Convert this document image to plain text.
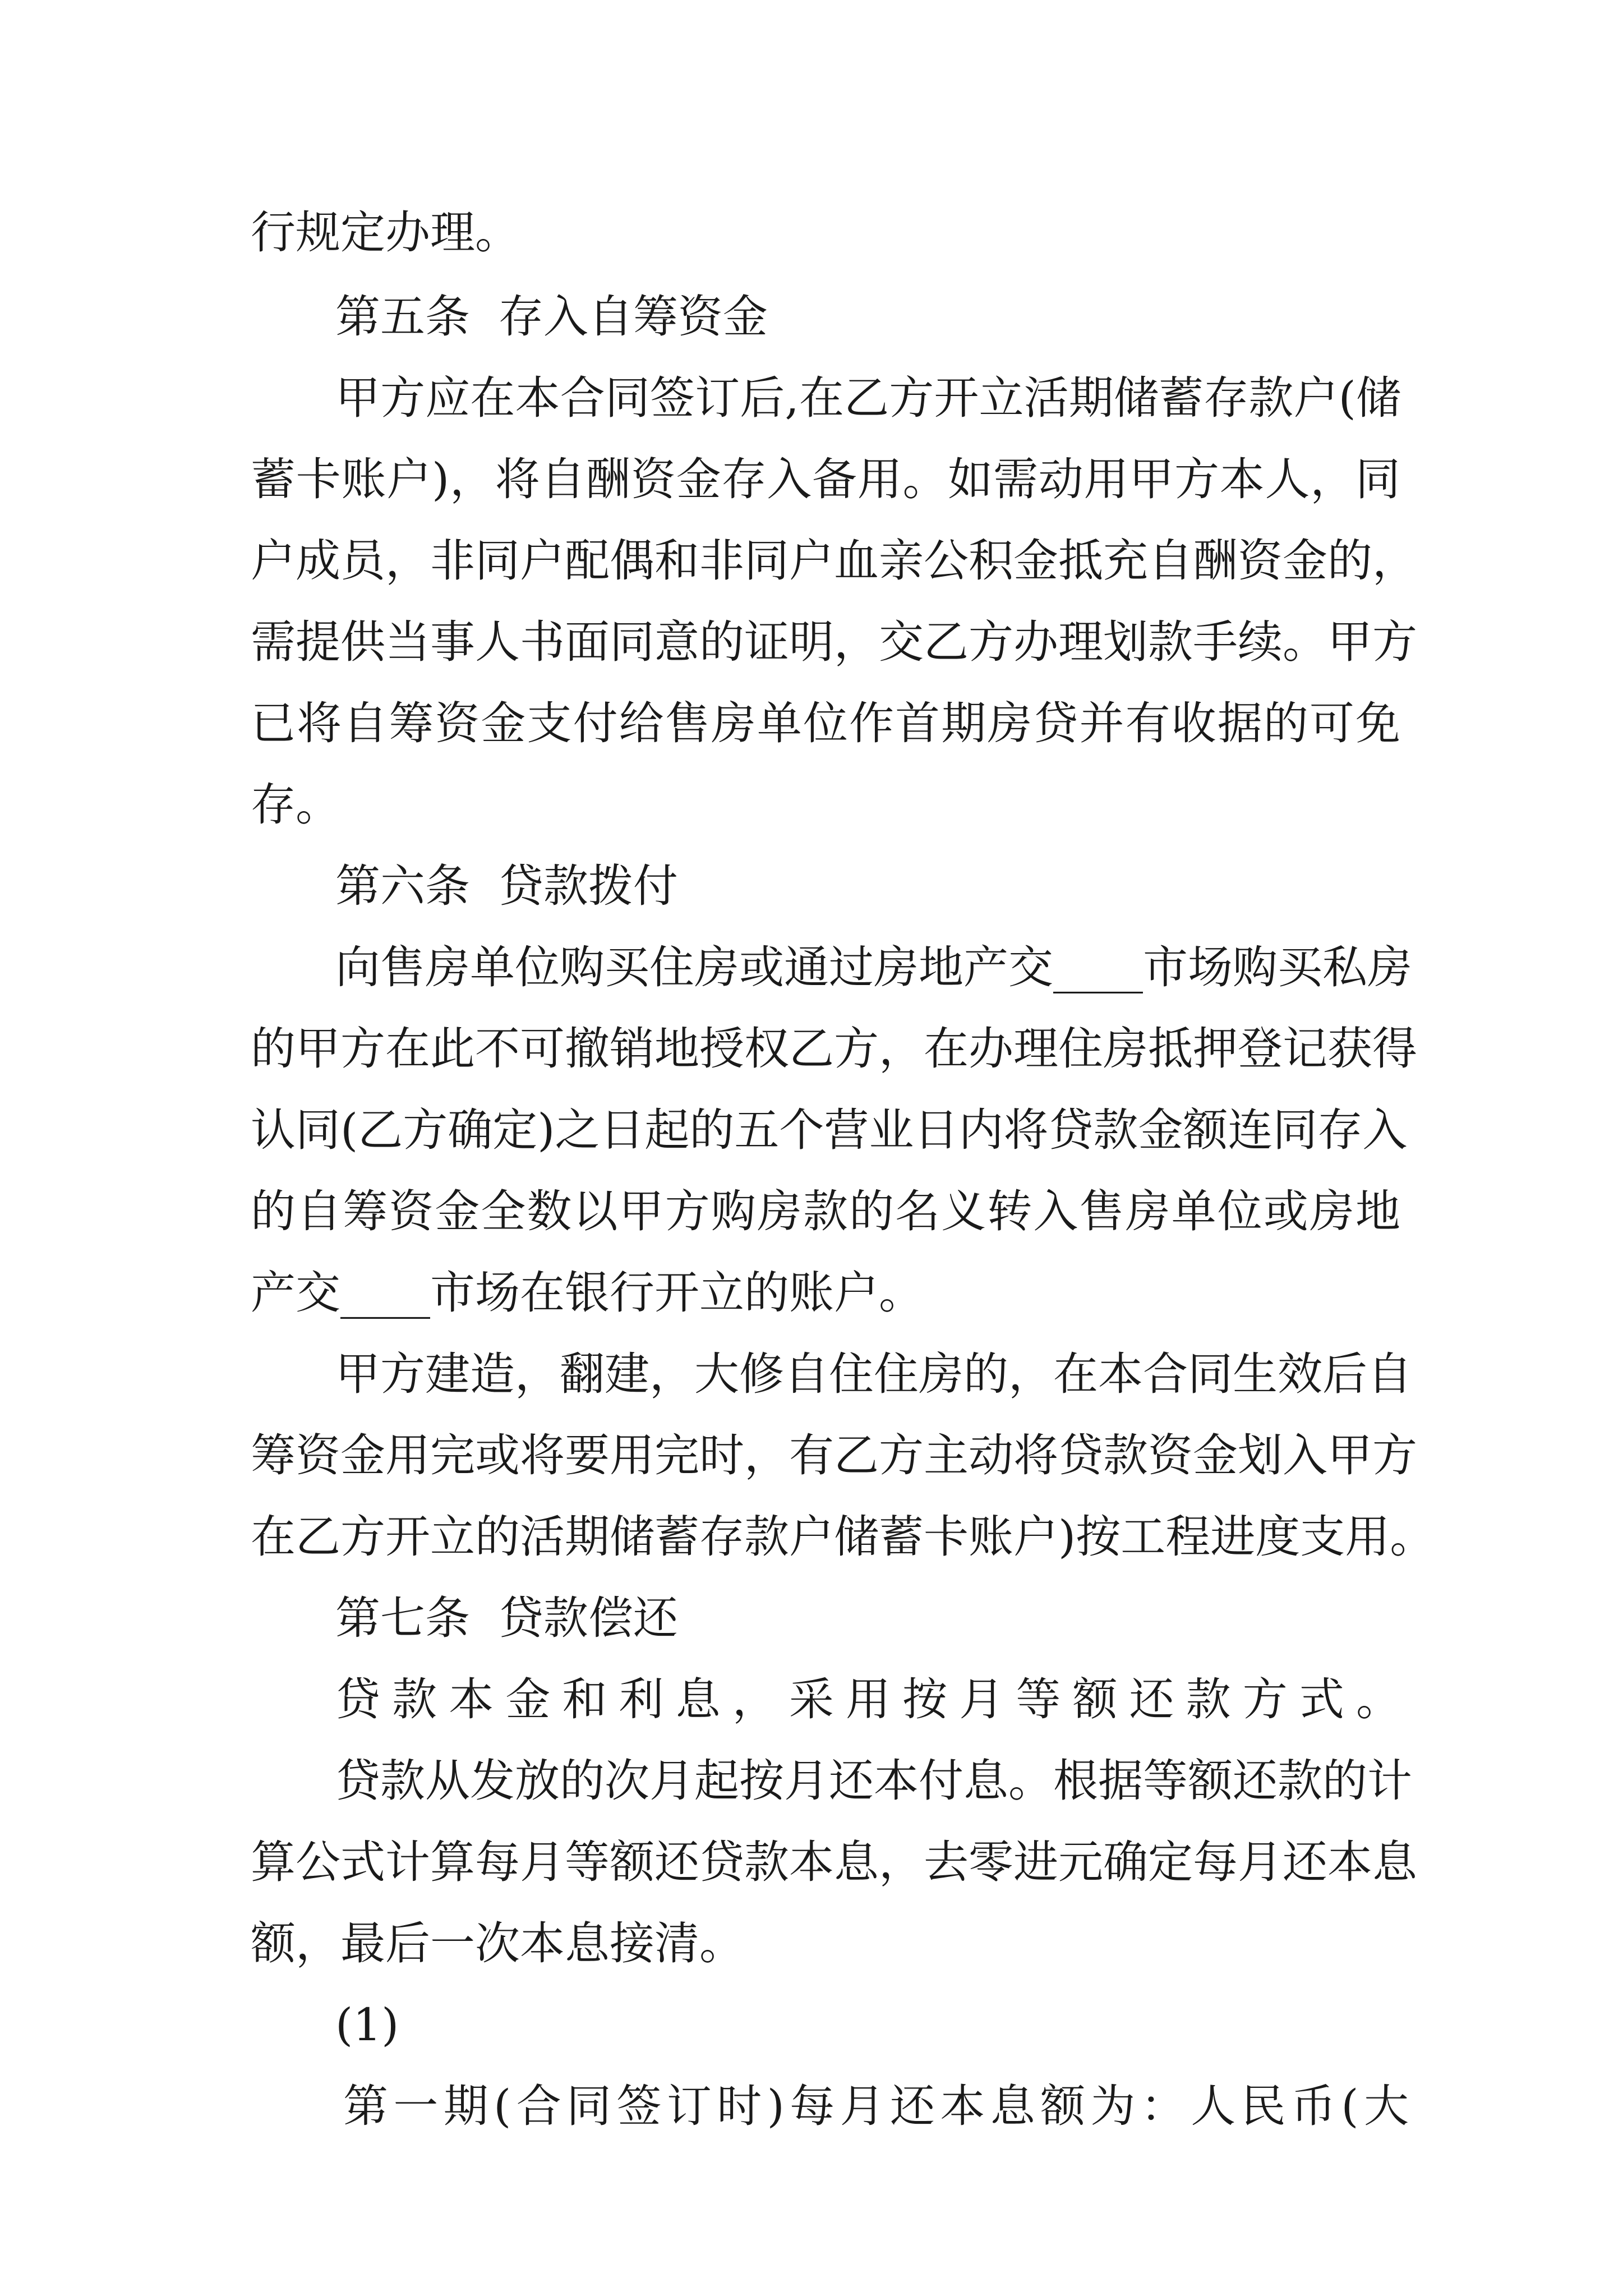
行规定办理。
第五条  存入自筹资金
甲方应在本合同签订后,在乙方开立活期储蓄存款户(储
蓄卡账户)，将自酬资金存入备用。如需动用甲方本人，同
户成员，非同户配偶和非同户血亲公积金抵充自酬资金的，
需提供当事人书面同意的证明，交乙方办理划款手续。甲方
已将自筹资金支付给售房单位作首期房贷并有收据的可免
存。
第六条  贷款拨付
向售房单位购买住房或通过房地产交____市场购买私房
的甲方在此不可撤销地授权乙方，在办理住房抵押登记获得
认同(乙方确定)之日起的五个营业日内将贷款金额连同存入
的自筹资金全数以甲方购房款的名义转入售房单位或房地
产交____市场在银行开立的账户。
甲方建造，翻建，大修自住住房的，在本合同生效后自
筹资金用完或将要用完时，有乙方主动将贷款资金划入甲方
在乙方开立的活期储蓄存款户储蓄卡账户)按工程进度支用。
第七条  贷款偿还
贷款本金和利息，采用按月等额还款方式。
贷款从发放的次月起按月还本付息。根据等额还款的计
算公式计算每月等额还贷款本息，去零进元确定每月还本息
额，最后一次本息接清。
(1)
第一期(合同签订时)每月还本息额为：人民币(大
